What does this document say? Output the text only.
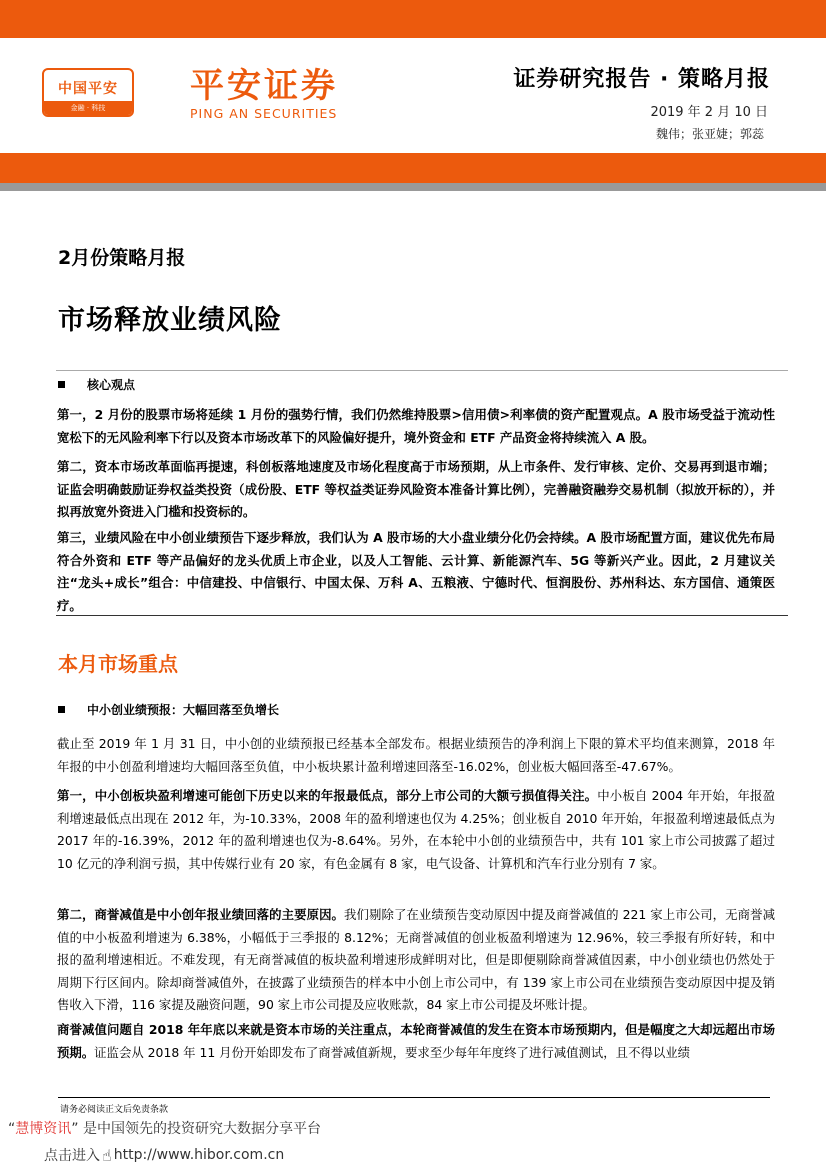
中国平安
金融 · 科技
平安证券
PING AN SECURITIES
证券研究报告 · 策略月报
2019 年 2 月 10 日
魏伟；张亚婕；郭蕊
2月份策略月报
市场释放业绩风险
核心观点
第一，2 月份的股票市场将延续 1 月份的强势行情，我们仍然维持股票>信用债>利率债的资产配置观点。A 股市场受益于流动性宽松下的无风险利率下行以及资本市场改革下的风险偏好提升，境外资金和 ETF 产品资金将持续流入 A 股。
第二，资本市场改革面临再提速，科创板落地速度及市场化程度高于市场预期，从上市条件、发行审核、定价、交易再到退市端；证监会明确鼓励证券权益类投资（成份股、ETF 等权益类证券风险资本准备计算比例），完善融资融券交易机制（拟放开标的），并拟再放宽外资进入门槛和投资标的。
第三，业绩风险在中小创业绩预告下逐步释放，我们认为 A 股市场的大小盘业绩分化仍会持续。A 股市场配置方面，建议优先布局符合外资和 ETF 等产品偏好的龙头优质上市企业，以及人工智能、云计算、新能源汽车、5G 等新兴产业。因此，2 月建议关注“龙头+成长”组合：中信建投、中信银行、中国太保、万科 A、五粮液、宁德时代、恒润股份、苏州科达、东方国信、通策医疗。
本月市场重点
中小创业绩预报：大幅回落至负增长
截止至 2019 年 1 月 31 日，中小创的业绩预报已经基本全部发布。根据业绩预告的净利润上下限的算术平均值来测算，2018 年年报的中小创盈利增速均大幅回落至负值，中小板块累计盈利增速回落至-16.02%，创业板大幅回落至-47.67%。
第一，中小创板块盈利增速可能创下历史以来的年报最低点，部分上市公司的大额亏损值得关注。中小板自 2004 年开始，年报盈利增速最低点出现在 2012 年，为-10.33%，2008 年的盈利增速也仅为 4.25%；创业板自 2010 年开始，年报盈利增速最低点为 2017 年的-16.39%，2012 年的盈利增速也仅为-8.64%。另外，在本轮中小创的业绩预告中，共有 101 家上市公司披露了超过 10 亿元的净利润亏损，其中传媒行业有 20 家，有色金属有 8 家，电气设备、计算机和汽车行业分别有 7 家。
第二，商誉减值是中小创年报业绩回落的主要原因。我们剔除了在业绩预告变动原因中提及商誉减值的 221 家上市公司，无商誉减值的中小板盈利增速为 6.38%，小幅低于三季报的 8.12%；无商誉减值的创业板盈利增速为 12.96%，较三季报有所好转，和中报的盈利增速相近。不难发现，有无商誉减值的板块盈利增速形成鲜明对比，但是即便剔除商誉减值因素，中小创业绩也仍然处于周期下行区间内。除却商誉减值外，在披露了业绩预告的样本中小创上市公司中，有 139 家上市公司在业绩预告变动原因中提及销售收入下滑，116 家提及融资问题，90 家上市公司提及应收账款，84 家上市公司提及坏账计提。
商誉减值问题自 2018 年年底以来就是资本市场的关注重点，本轮商誉减值的发生在资本市场预期内，但是幅度之大却远超出市场预期。证监会从 2018 年 11 月份开始即发布了商誉减值新规，要求至少每年年度终了进行减值测试，且不得以业绩
请务必阅读正文后免责条款
“慧博资讯” 是中国领先的投资研究大数据分享平台
点击进入 ☝ http://www.hibor.com.cn
